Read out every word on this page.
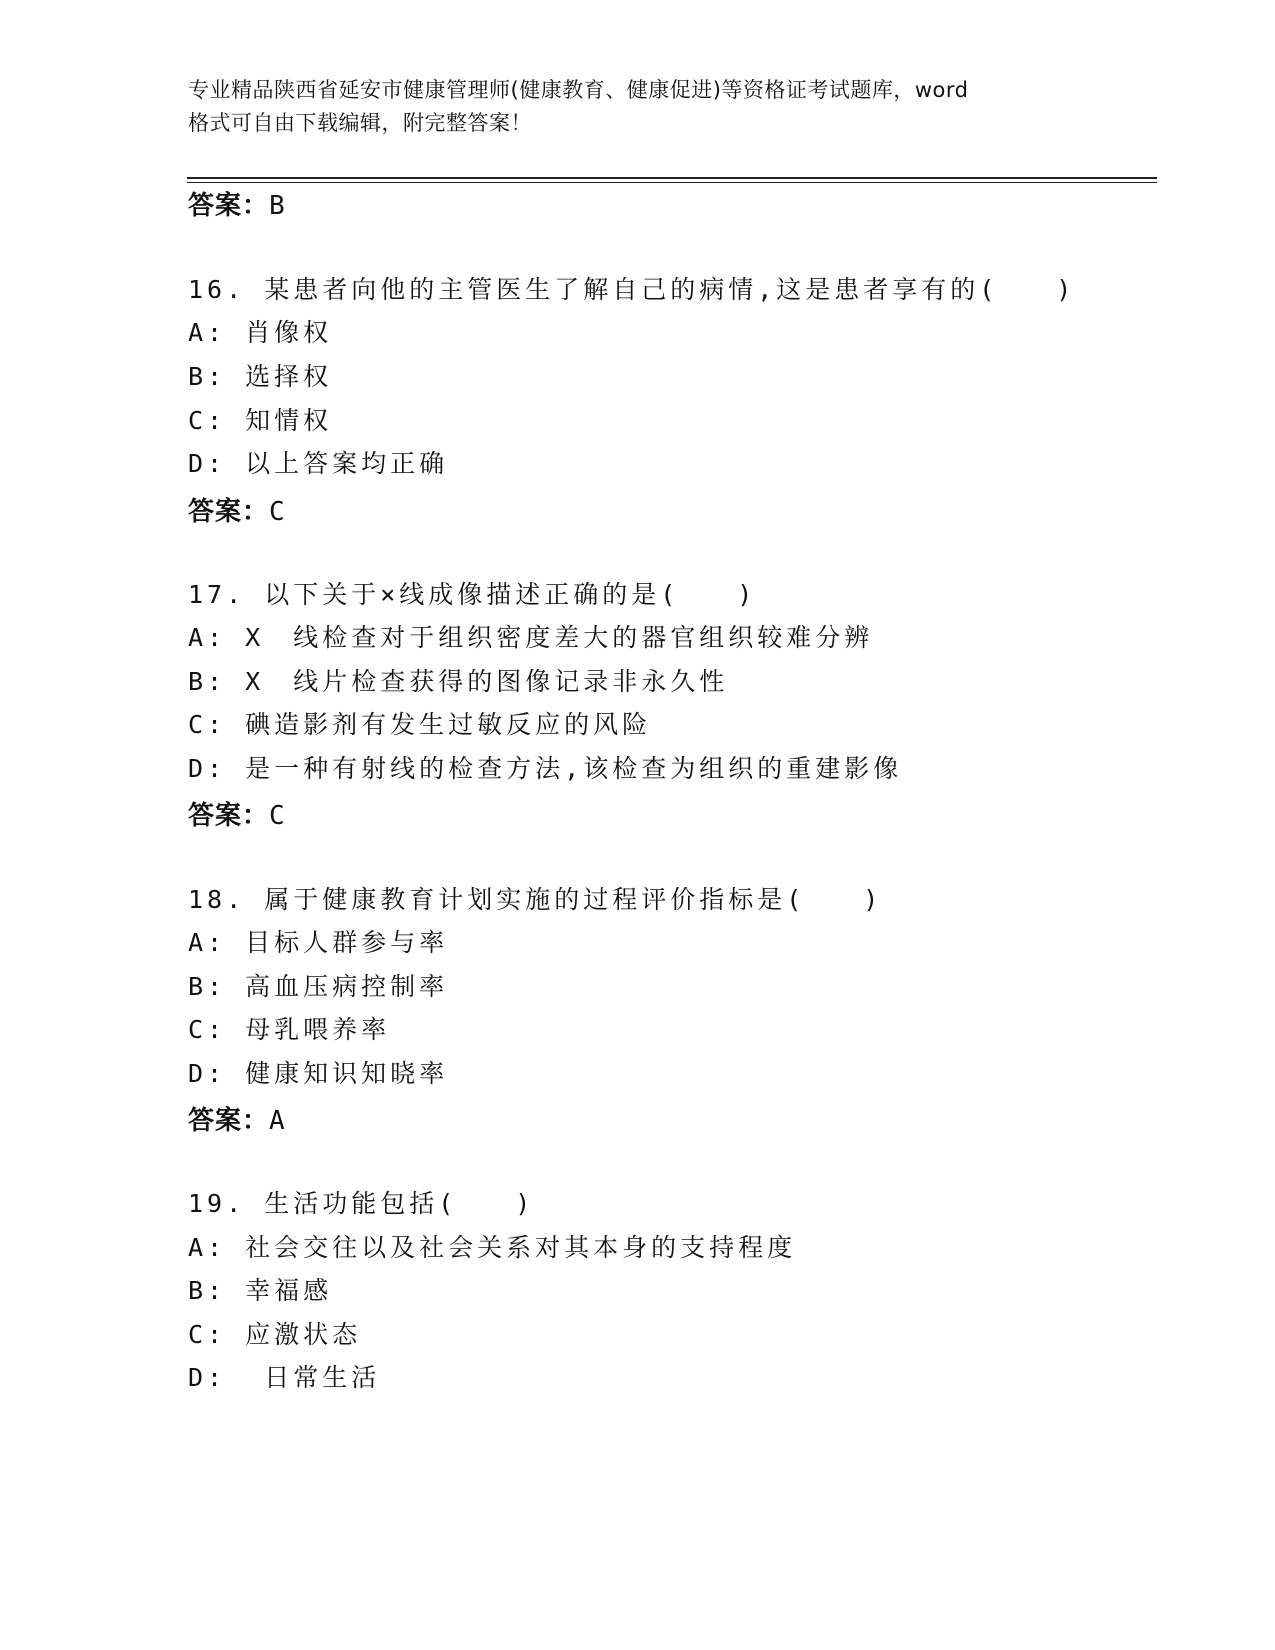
专业精品陕西省延安市健康管理师(健康教育、健康促进)等资格证考试题库，word
格式可自由下载编辑，附完整答案！
答案：B
16. 某患者向他的主管医生了解自己的病情,这是患者享有的(　　)
A: 肖像权
B: 选择权
C: 知情权
D: 以上答案均正确
答案：C
17. 以下关于×线成像描述正确的是(　　)
A: X　线检查对于组织密度差大的器官组织较难分辨
B: X　线片检查获得的图像记录非永久性
C: 碘造影剂有发生过敏反应的风险
D: 是一种有射线的检查方法,该检查为组织的重建影像
答案：C
18. 属于健康教育计划实施的过程评价指标是(　　)
A: 目标人群参与率
B: 高血压病控制率
C: 母乳喂养率
D: 健康知识知晓率
答案：A
19. 生活功能包括(　　)
A: 社会交往以及社会关系对其本身的支持程度
B: 幸福感
C: 应激状态
D:  日常生活
